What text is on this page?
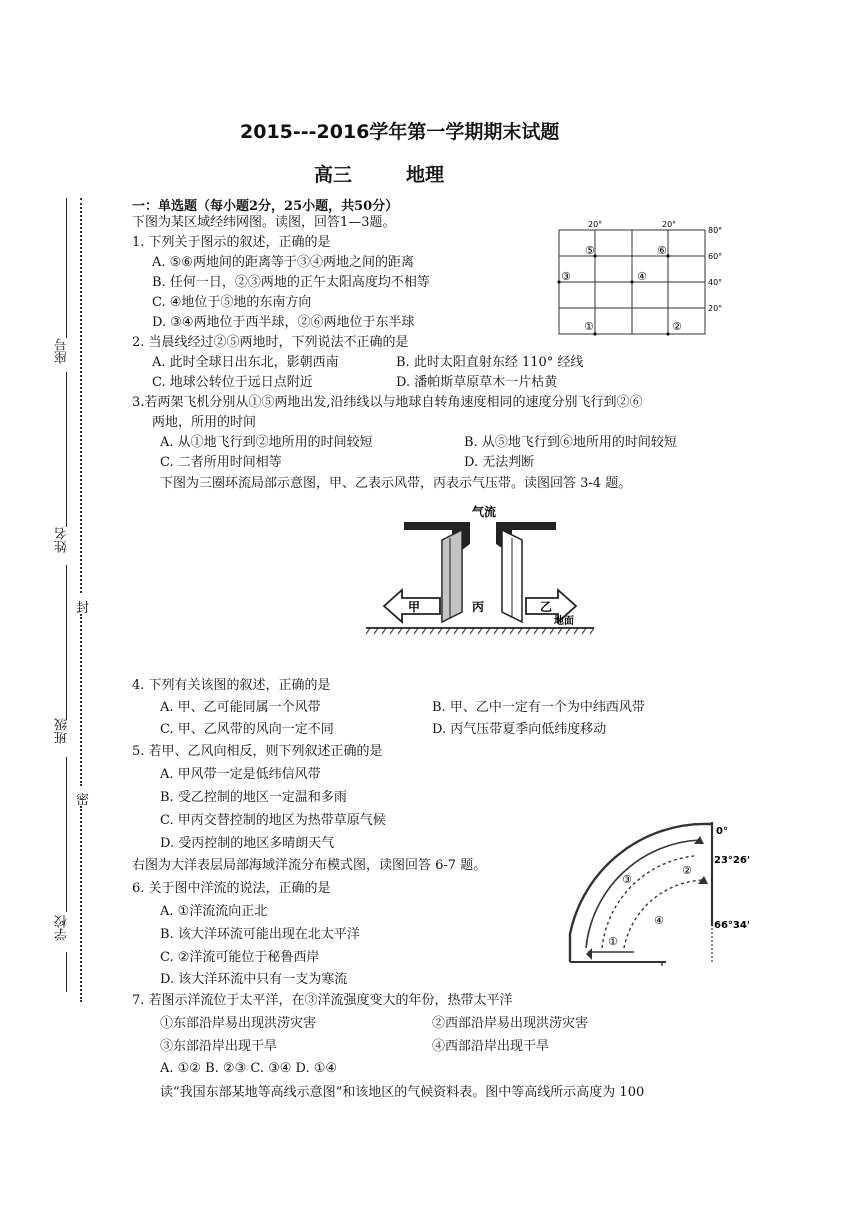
2015---2016学年第一学期期末试题
高三	地理
座号
姓名
班级
学校
封
密
一：单选题（每小题2分，25小题，共50分）
下图为某区域经纬网图。读图，回答1—3题。
1. 下列关于图示的叙述，正确的是
A. ⑤⑥两地间的距离等于③④两地之间的距离
B. 任何一日，②③两地的正午太阳高度均不相等
C. ④地位于⑤地的东南方向
D. ③④两地位于西半球，②⑥两地位于东半球
2. 当晨线经过②⑤两地时，下列说法不正确的是
A. 此时全球日出东北，影朝西南	B. 此时太阳直射东经 110° 经线
C. 地球公转位于远日点附近	D. 潘帕斯草原草木一片枯黄
3.若两架飞机分别从①⑤两地出发,沿纬线以与地球自转角速度相同的速度分别飞行到②⑥
两地，所用的时间
A. 从①地飞行到②地所用的时间较短	B. 从⑤地飞行到⑥地所用的时间较短
C. 二者所用时间相等	D. 无法判断
下图为三圈环流局部示意图，甲、乙表示风带，丙表示气压带。读图回答 3-4 题。
20°	20°
80°
60°
40°
20°
⑤	⑥
③	④
①	②
气流
甲	丙	乙
地面
4. 下列有关该图的叙述，正确的是
A. 甲、乙可能同属一个风带	B. 甲、乙中一定有一个为中纬西风带
C. 甲、乙风带的风向一定不同	D. 丙气压带夏季向低纬度移动
5. 若甲、乙风向相反，则下列叙述正确的是
A. 甲风带一定是低纬信风带
B. 受乙控制的地区一定温和多雨
C. 甲丙交替控制的地区为热带草原气候
D. 受丙控制的地区多晴朗天气
右图为大洋表层局部海域洋流分布模式图，读图回答 6-7 题。
6. 关于图中洋流的说法，正确的是
A. ①洋流流向正北
B. 该大洋环流可能出现在北太平洋
C. ②洋流可能位于秘鲁西岸
D. 该大洋环流中只有一支为寒流
0°
23°26'
66°34'
①
②
③
④
7. 若图示洋流位于太平洋，在③洋流强度变大的年份，热带太平洋
①东部沿岸易出现洪涝灾害	②西部沿岸易出现洪涝灾害
③东部沿岸出现干旱	④西部沿岸出现干旱
A. ①② B. ②③ C. ③④ D. ①④
读“我国东部某地等高线示意图”和该地区的气候资料表。图中等高线所示高度为 100
